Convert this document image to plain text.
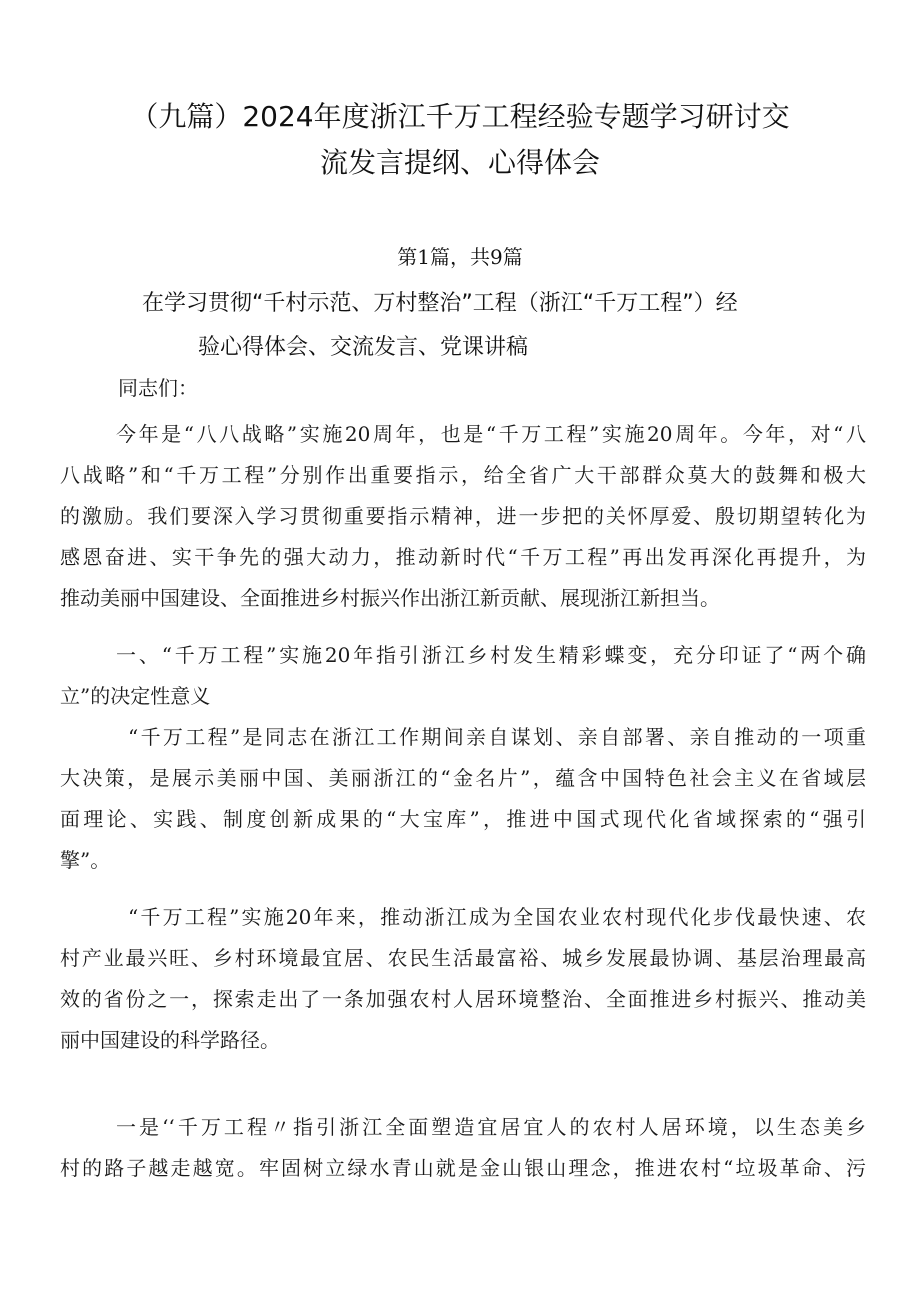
（九篇）2024年度浙江千万工程经验专题学习研讨交
流发言提纲、心得体会
第1篇，共9篇
在学习贯彻“千村示范、万村整治”工程（浙江“千万工程”）经
验心得体会、交流发言、党课讲稿
同志们：
今年是“八八战略”实施20周年，也是“千万工程”实施20周年。今年，对“八
八战略”和“千万工程”分别作出重要指示，给全省广大干部群众莫大的鼓舞和极大
的激励。我们要深入学习贯彻重要指示精神，进一步把的关怀厚爱、殷切期望转化为
感恩奋进、实干争先的强大动力，推动新时代“千万工程”再出发再深化再提升，为
推动美丽中国建设、全面推进乡村振兴作出浙江新贡献、展现浙江新担当。
一、“千万工程”实施20年指引浙江乡村发生精彩蝶变，充分印证了“两个确
立”的决定性意义
“千万工程”是同志在浙江工作期间亲自谋划、亲自部署、亲自推动的一项重
大决策，是展示美丽中国、美丽浙江的“金名片”，蕴含中国特色社会主义在省域层
面理论、实践、制度创新成果的“大宝库”，推进中国式现代化省域探索的“强引
擎”。
“千万工程”实施20年来，推动浙江成为全国农业农村现代化步伐最快速、农
村产业最兴旺、乡村环境最宜居、农民生活最富裕、城乡发展最协调、基层治理最高
效的省份之一，探索走出了一条加强农村人居环境整治、全面推进乡村振兴、推动美
丽中国建设的科学路径。
一是‘‘千万工程〃指引浙江全面塑造宜居宜人的农村人居环境，以生态美乡
村的路子越走越宽。牢固树立绿水青山就是金山银山理念，推进农村“垃圾革命、污
